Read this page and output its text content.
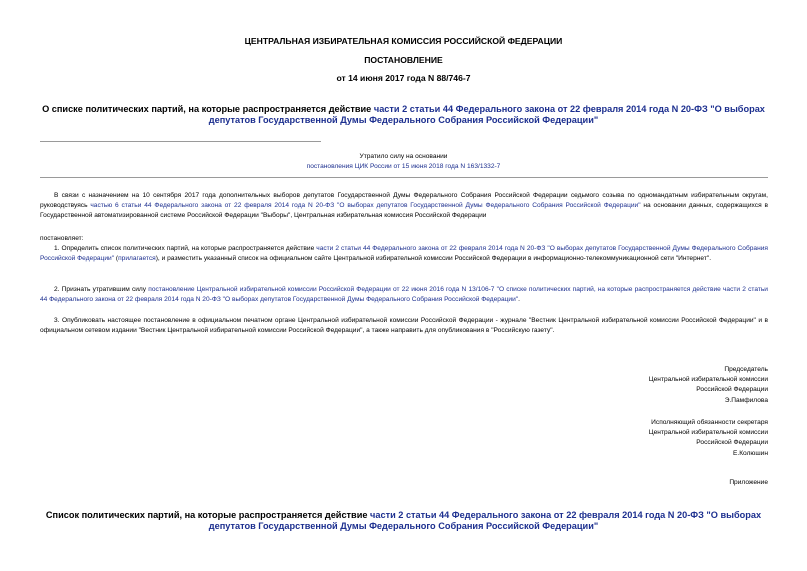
ЦЕНТРАЛЬНАЯ ИЗБИРАТЕЛЬНАЯ КОМИССИЯ РОССИЙСКОЙ ФЕДЕРАЦИИ
ПОСТАНОВЛЕНИЕ
от 14 июня 2017 года N 88/746-7
О списке политических партий, на которые распространяется действие части 2 статьи 44 Федерального закона от 22 февраля 2014 года N 20-ФЗ "О выборах депутатов Государственной Думы Федерального Собрания Российской Федерации"
Утратило силу на основании
постановления ЦИК России от 15 июня 2018 года N 163/1332-7
В связи с назначением на 10 сентября 2017 года дополнительных выборов депутатов Государственной Думы Федерального Собрания Российской Федерации седьмого созыва по одномандатным избирательным округам, руководствуясь частью 6 статьи 44 Федерального закона от 22 февраля 2014 года N 20-ФЗ "О выборах депутатов Государственной Думы Федерального Собрания Российской Федерации" на основании данных, содержащихся в Государственной автоматизированной системе Российской Федерации "Выборы", Центральная избирательная комиссия Российской Федерации
постановляет:
1. Определить список политических партий, на которые распространяется действие части 2 статьи 44 Федерального закона от 22 февраля 2014 года N 20-ФЗ "О выборах депутатов Государственной Думы Федерального Собрания Российской Федерации" (прилагается), и разместить указанный список на официальном сайте Центральной избирательной комиссии Российской Федерации в информационно-телекоммуникационной сети "Интернет".
2. Признать утратившим силу постановление Центральной избирательной комиссии Российской Федерации от 22 июня 2016 года N 13/106-7 "О списке политических партий, на которые распространяется действие части 2 статьи 44 Федерального закона от 22 февраля 2014 года N 20-ФЗ "О выборах депутатов Государственной Думы Федерального Собрания Российской Федерации".
3. Опубликовать настоящее постановление в официальном печатном органе Центральной избирательной комиссии Российской Федерации - журнале "Вестник Центральной избирательной комиссии Российской Федерации" и в официальном сетевом издании "Вестник Центральной избирательной комиссии Российской Федерации", а также направить для опубликования в "Российскую газету".
Председатель
Центральной избирательной комиссии
Российской Федерации
Э.Памфилова
Исполняющий обязанности секретаря
Центральной избирательной комиссии
Российской Федерации
Е.Колюшин
Приложение
Список политических партий, на которые распространяется действие части 2 статьи 44 Федерального закона от 22 февраля 2014 года N 20-ФЗ "О выборах депутатов Государственной Думы Федерального Собрания Российской Федерации"
